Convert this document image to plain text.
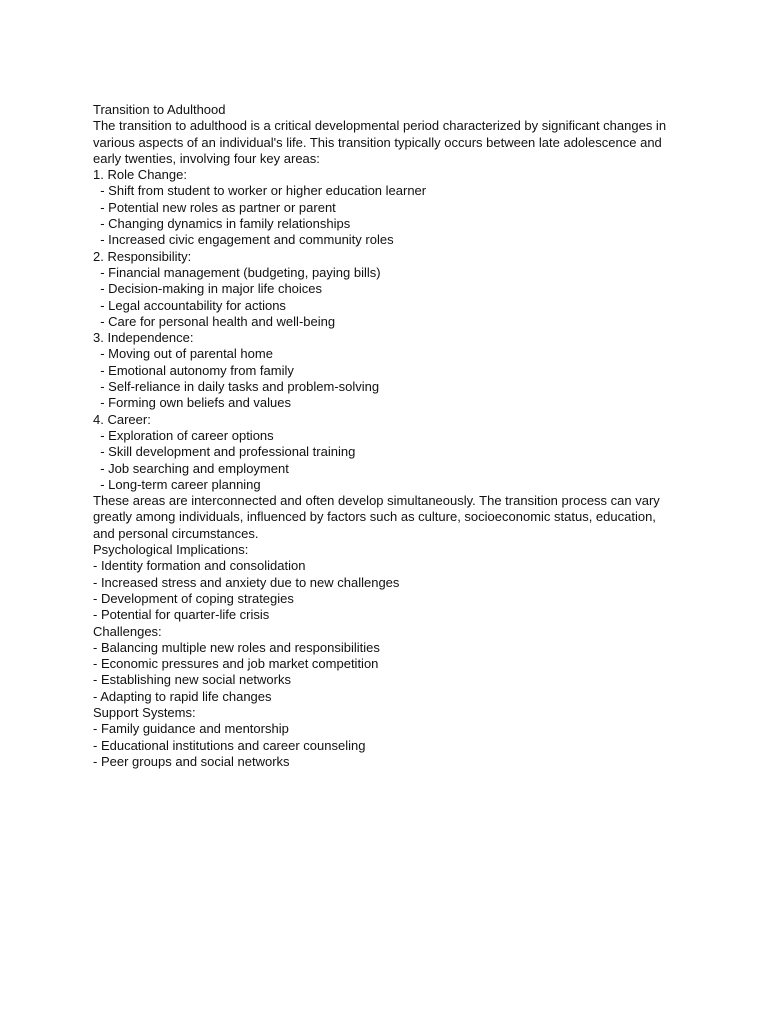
Transition to Adulthood
The transition to adulthood is a critical developmental period characterized by significant changes in
various aspects of an individual's life. This transition typically occurs between late adolescence and
early twenties, involving four key areas:
1. Role Change:
- Shift from student to worker or higher education learner
- Potential new roles as partner or parent
- Changing dynamics in family relationships
- Increased civic engagement and community roles
2. Responsibility:
- Financial management (budgeting, paying bills)
- Decision-making in major life choices
- Legal accountability for actions
- Care for personal health and well-being
3. Independence:
- Moving out of parental home
- Emotional autonomy from family
- Self-reliance in daily tasks and problem-solving
- Forming own beliefs and values
4. Career:
- Exploration of career options
- Skill development and professional training
- Job searching and employment
- Long-term career planning
These areas are interconnected and often develop simultaneously. The transition process can vary
greatly among individuals, influenced by factors such as culture, socioeconomic status, education,
and personal circumstances.
Psychological Implications:
- Identity formation and consolidation
- Increased stress and anxiety due to new challenges
- Development of coping strategies
- Potential for quarter-life crisis
Challenges:
- Balancing multiple new roles and responsibilities
- Economic pressures and job market competition
- Establishing new social networks
- Adapting to rapid life changes
Support Systems:
- Family guidance and mentorship
- Educational institutions and career counseling
- Peer groups and social networks
